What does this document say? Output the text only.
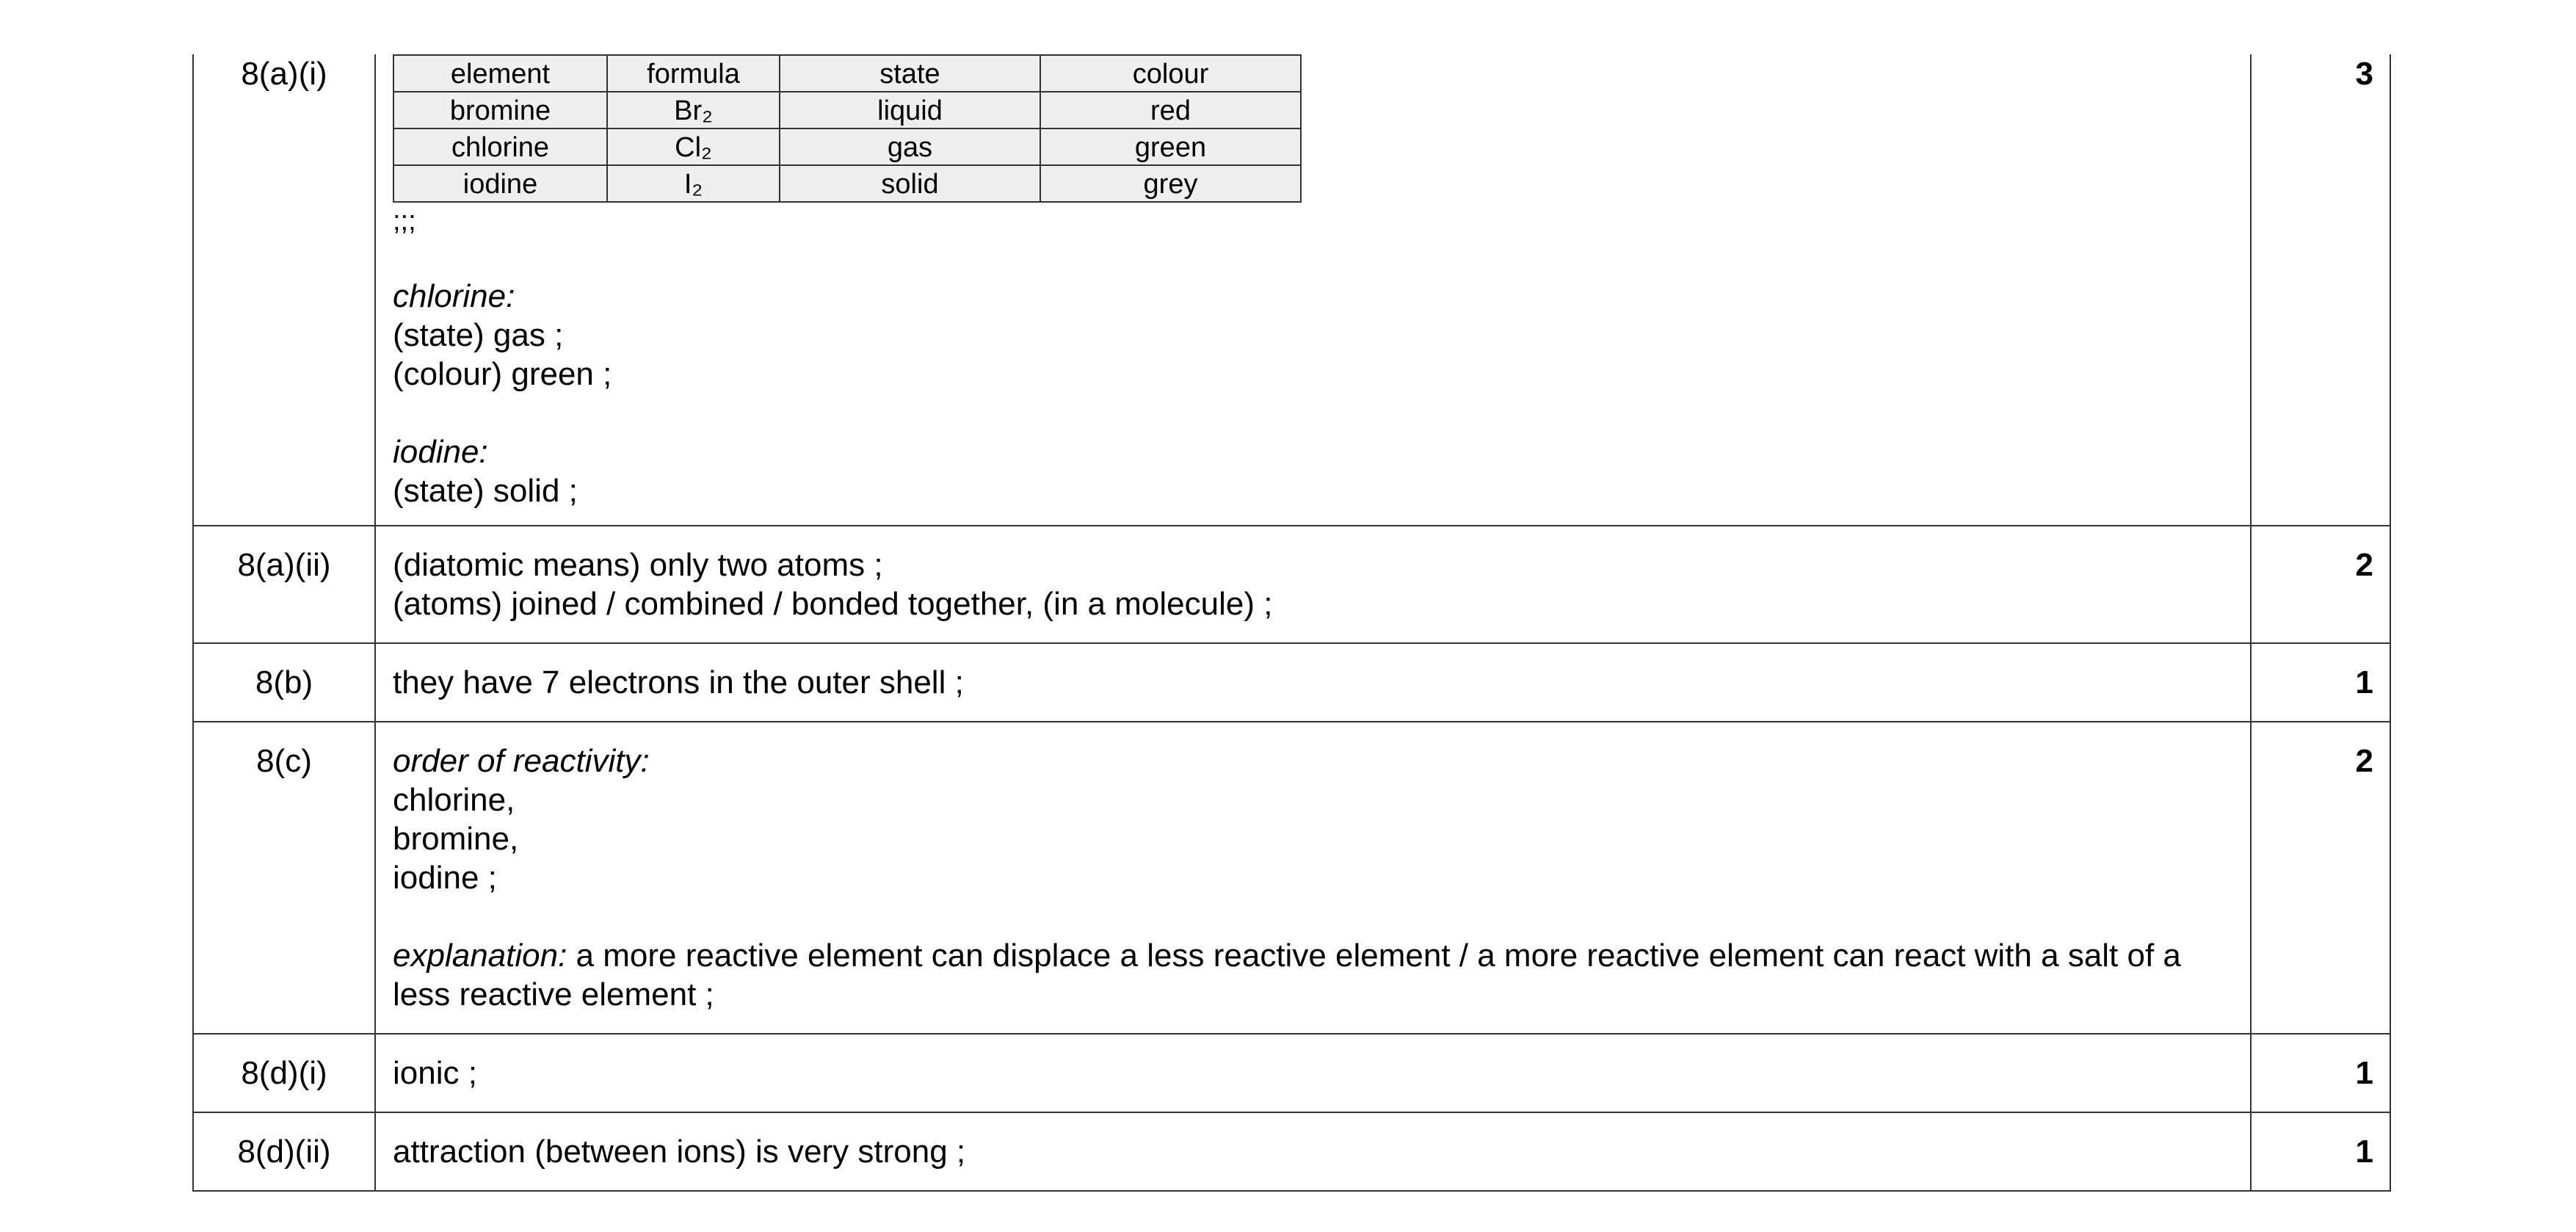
8(a)(i)		element	formula	state	colour
bromine	Br₂	liquid	red
chlorine	Cl₂	gas	green
iodine	I₂	solid	grey
;;;
chlorine:
(state) gas ;
(colour) green ;
iodine:
(state) solid ;
	3
8(a)(ii)	(diatomic means) only two atoms ;
(atoms) joined / combined / bonded together, (in a molecule) ;
	2
8(b)	they have 7 electrons in the outer shell ;	1
8(c)	order of reactivity:
chlorine,
bromine,
iodine ;
explanation: a more reactive element can displace a less reactive element / a more reactive element can react with a salt of a less reactive element ;
	2
8(d)(i)	ionic ;	1
8(d)(ii)	attraction (between ions) is very strong ;	1
